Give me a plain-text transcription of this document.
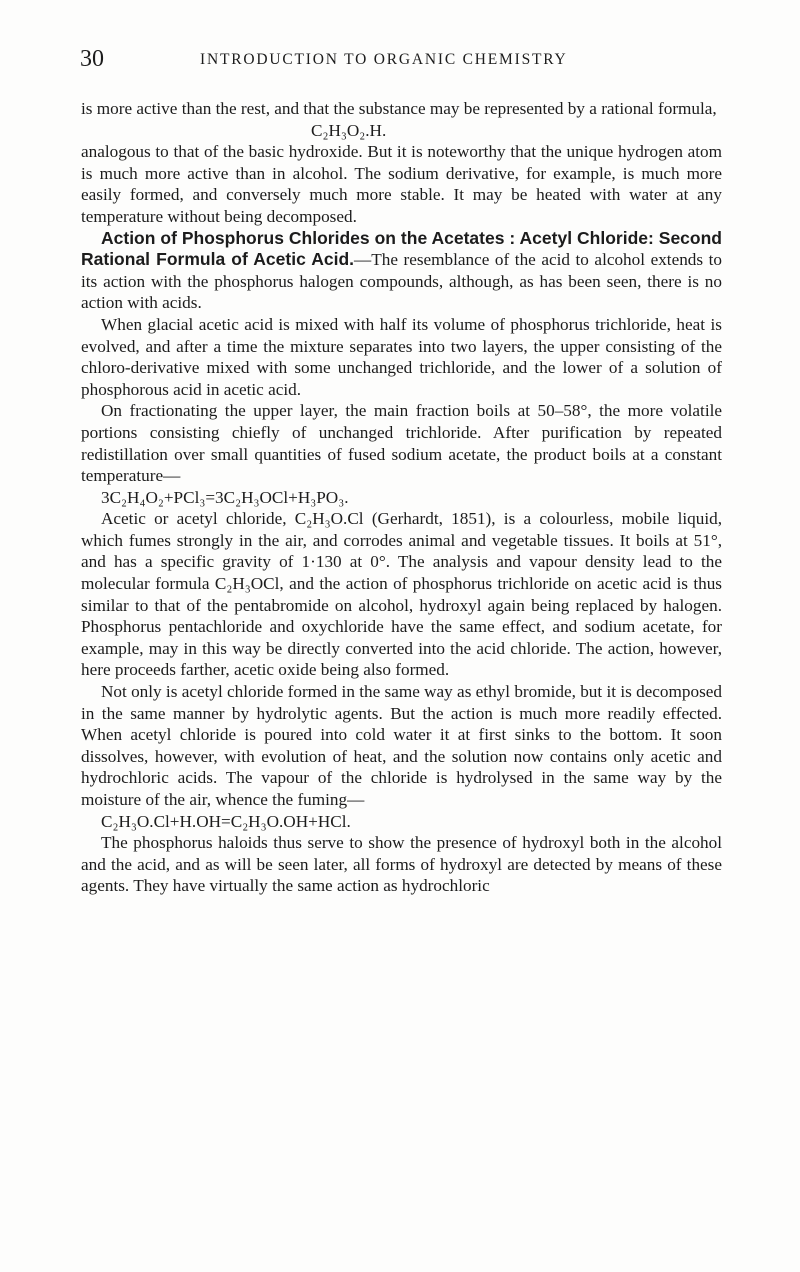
30	INTRODUCTION TO ORGANIC CHEMISTRY

is more active than the rest, and that the substance may be represented by a rational formula,

C₂H₃O₂.H.

analogous to that of the basic hydroxide. But it is noteworthy that the unique hydrogen atom is much more active than in alcohol. The sodium derivative, for example, is much more easily formed, and conversely much more stable. It may be heated with water at any temperature without being decomposed.

Action of Phosphorus Chlorides on the Acetates : Acetyl Chloride: Second Rational Formula of Acetic Acid.—The resemblance of the acid to alcohol extends to its action with the phosphorus halogen compounds, although, as has been seen, there is no action with acids.

When glacial acetic acid is mixed with half its volume of phosphorus trichloride, heat is evolved, and after a time the mixture separates into two layers, the upper consisting of the chloro-derivative mixed with some unchanged trichloride, and the lower of a solution of phosphorous acid in acetic acid.

On fractionating the upper layer, the main fraction boils at 50–58°, the more volatile portions consisting chiefly of unchanged trichloride. After purification by repeated redistillation over small quantities of fused sodium acetate, the product boils at a constant temperature—

3C₂H₄O₂+PCl₃=3C₂H₃OCl+H₃PO₃.

Acetic or acetyl chloride, C₂H₃O.Cl (Gerhardt, 1851), is a colourless, mobile liquid, which fumes strongly in the air, and corrodes animal and vegetable tissues. It boils at 51°, and has a specific gravity of 1·130 at 0°. The analysis and vapour density lead to the molecular formula C₂H₃OCl, and the action of phosphorus trichloride on acetic acid is thus similar to that of the pentabromide on alcohol, hydroxyl again being replaced by halogen. Phosphorus pentachloride and oxychloride have the same effect, and sodium acetate, for example, may in this way be directly converted into the acid chloride. The action, however, here proceeds farther, acetic oxide being also formed.

Not only is acetyl chloride formed in the same way as ethyl bromide, but it is decomposed in the same manner by hydrolytic agents. But the action is much more readily effected. When acetyl chloride is poured into cold water it at first sinks to the bottom. It soon dissolves, however, with evolution of heat, and the solution now contains only acetic and hydrochloric acids. The vapour of the chloride is hydrolysed in the same way by the moisture of the air, whence the fuming—

C₂H₃O.Cl+H.OH=C₂H₃O.OH+HCl.

The phosphorus haloids thus serve to show the presence of hydroxyl both in the alcohol and the acid, and as will be seen later, all forms of hydroxyl are detected by means of these agents. They have virtually the same action as hydrochloric
